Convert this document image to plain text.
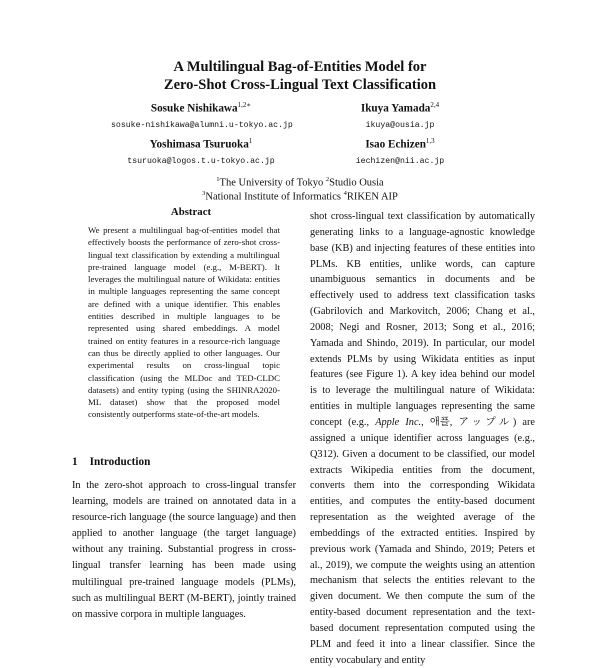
A Multilingual Bag-of-Entities Model for
Zero-Shot Cross-Lingual Text Classification
Sosuke Nishikawa$^{1,2∗}$
sosuke-nishikawa@alumni.u-tokyo.ac.jp
Ikuya Yamada$^{2,4}$
ikuya@ousia.jp
Yoshimasa Tsuruoka$^1$
tsuruoka@logos.t.u-tokyo.ac.jp
Isao Echizen$^{1,3}$
iechizen@nii.ac.jp
$^1$The University of Tokyo $^2$Studio Ousia
$^3$National Institute of Informatics $^4$RIKEN AIP
Abstract
We present a multilingual bag-of-entities model that effectively boosts the performance of zero-shot cross-lingual text classification by extending a multilingual pre-trained language model (e.g., M-BERT). It leverages the multilingual nature of Wikidata: entities in multiple languages representing the same concept are defined with a unique identifier. This enables entities described in multiple languages to be represented using shared embeddings. A model trained on entity features in a resource-rich language can thus be directly applied to other languages. Our experimental results on cross-lingual topic classification (using the MLDoc and TED-CLDC datasets) and entity typing (using the SHINRA2020-ML dataset) show that the proposed model consistently outperforms state-of-the-art models.
1 Introduction
In the zero-shot approach to cross-lingual transfer learning, models are trained on annotated data in a resource-rich language (the source language) and then applied to another language (the target language) without any training. Substantial progress in cross-lingual transfer learning has been made using multilingual pre-trained language models (PLMs), such as multilingual BERT (M-BERT), jointly trained on massive corpora in multiple languages.
shot cross-lingual text classification by automatically generating links to a language-agnostic knowledge base (KB) and injecting features of these entities into PLMs. KB entities, unlike words, can capture unambiguous semantics in documents and be effectively used to address text classification tasks (Gabrilovich and Markovitch, 2006; Chang et al., 2008; Negi and Rosner, 2013; Song et al., 2016; Yamada and Shindo, 2019). In particular, our model extends PLMs by using Wikidata entities as input features (see Figure 1). A key idea behind our model is to leverage the multilingual nature of Wikidata: entities in multiple languages representing the same concept (e.g., Apple Inc., 애플, アップル) are assigned a unique identifier across languages (e.g., Q312). Given a document to be classified, our model extracts Wikipedia entities from the document, converts them into the corresponding Wikidata entities, and computes the entity-based document representation as the weighted average of the embeddings of the extracted entities. Inspired by previous work (Yamada and Shindo, 2019; Peters et al., 2019), we compute the weights using an attention mechanism that selects the entities relevant to the given document. We then compute the sum of the entity-based document representation and the text-based document representation computed using the PLM and feed it into a linear classifier. Since the entity vocabulary and entity
